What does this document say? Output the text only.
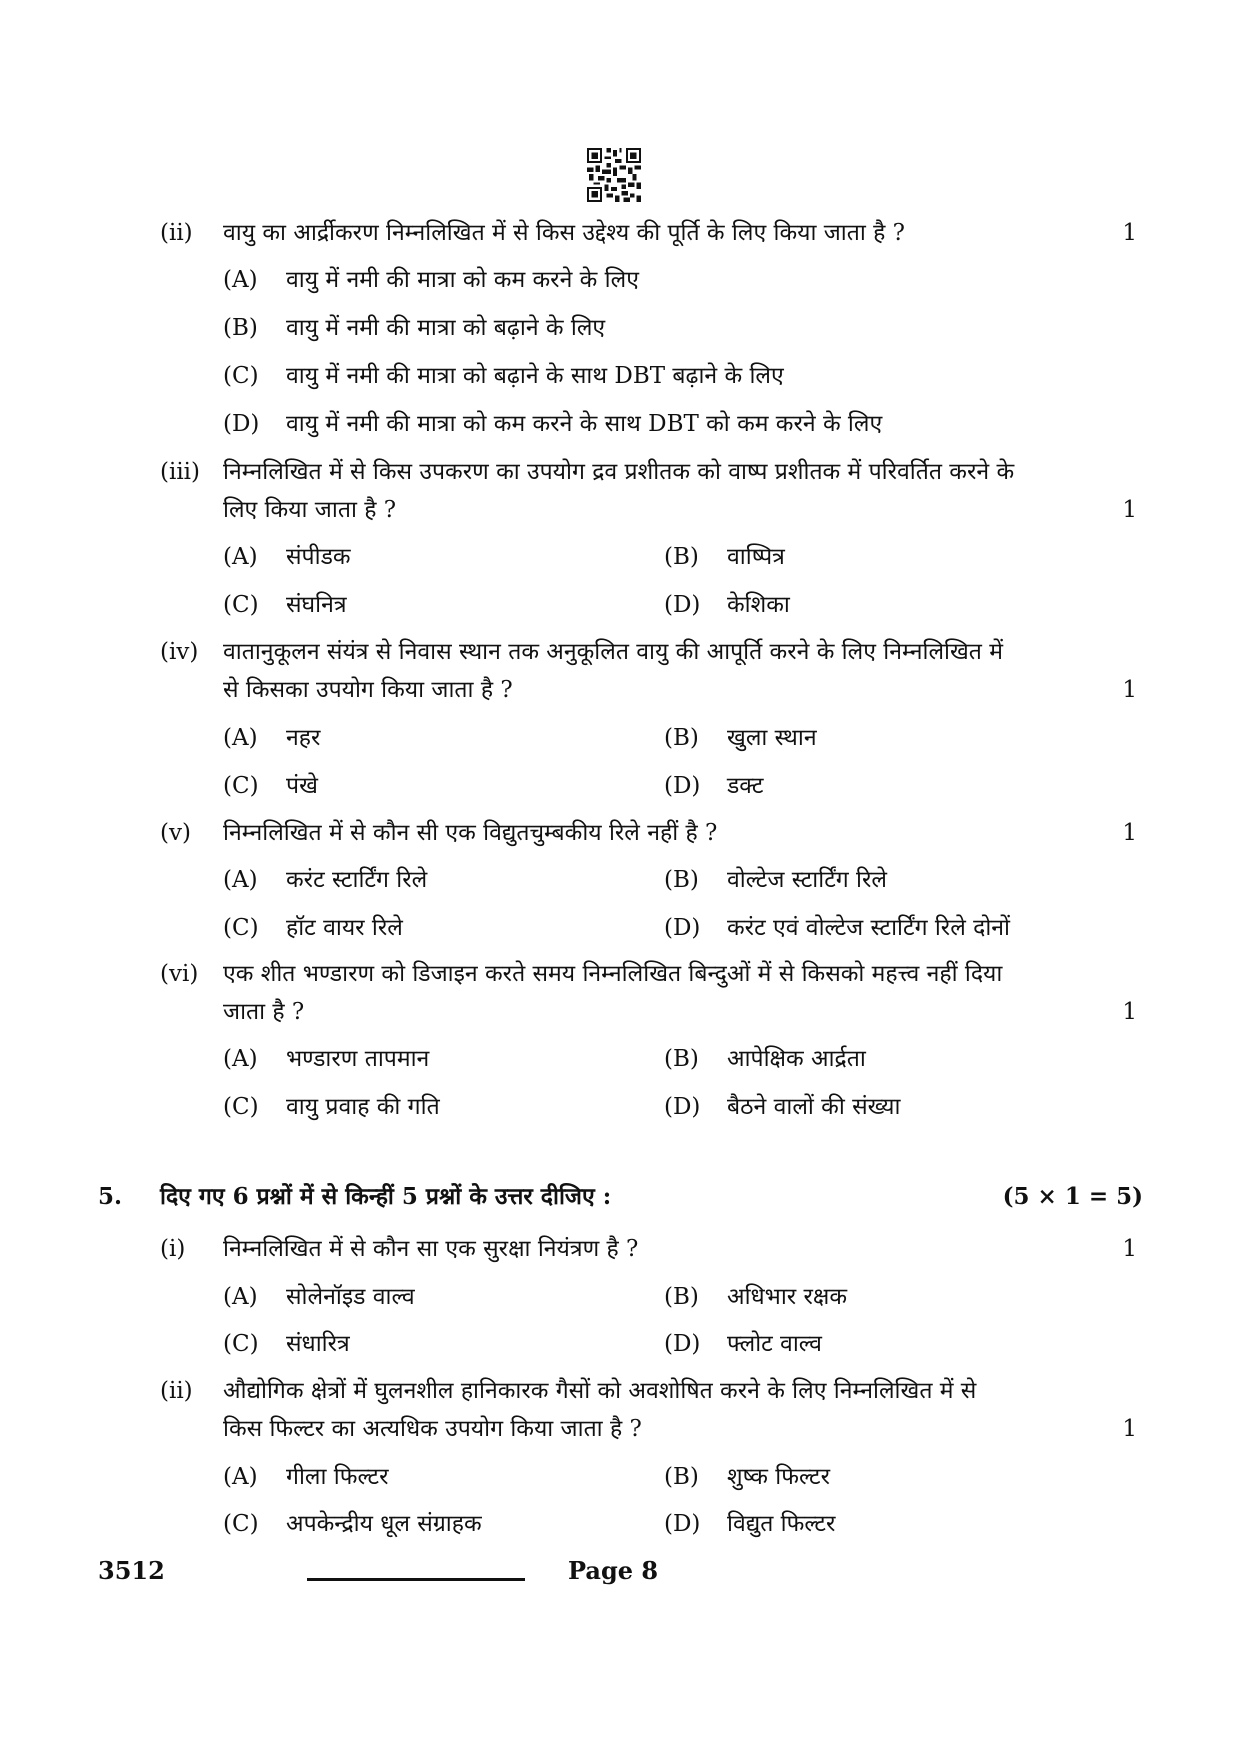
(ii)	वायु का आर्द्रीकरण निम्नलिखित में से किस उद्देश्य की पूर्ति के लिए किया जाता है ?	1
(A) वायु में नमी की मात्रा को कम करने के लिए
(B) वायु में नमी की मात्रा को बढ़ाने के लिए
(C) वायु में नमी की मात्रा को बढ़ाने के साथ DBT बढ़ाने के लिए
(D) वायु में नमी की मात्रा को कम करने के साथ DBT को कम करने के लिए
(iii) निम्नलिखित में से किस उपकरण का उपयोग द्रव प्रशीतक को वाष्प प्रशीतक में परिवर्तित करने के
लिए किया जाता है ?	1
(A) संपीडक	(B) वाष्पित्र
(C) संघनित्र	(D) केशिका
(iv)	वातानुकूलन संयंत्र से निवास स्थान तक अनुकूलित वायु की आपूर्ति करने के लिए निम्नलिखित में
से किसका उपयोग किया जाता है ?	1
(A) नहर	(B) खुला स्थान
(C) पंखे	(D) डक्ट
(v)	निम्नलिखित में से कौन सी एक विद्युतचुम्बकीय रिले नहीं है ?	1
(A) करंट स्टार्टिंग रिले	(B) वोल्टेज स्टार्टिंग रिले
(C) हॉट वायर रिले	(D) करंट एवं वोल्टेज स्टार्टिंग रिले दोनों
(vi)	एक शीत भण्डारण को डिजाइन करते समय निम्नलिखित बिन्दुओं में से किसको महत्त्व नहीं दिया
जाता है ?	1
(A) भण्डारण तापमान	(B) आपेक्षिक आर्द्रता
(C) वायु प्रवाह की गति	(D) बैठने वालों की संख्या
5. दिए गए 6 प्रश्नों में से किन्हीं 5 प्रश्नों के उत्तर दीजिए :	(5 × 1 = 5)
(i)	निम्नलिखित में से कौन सा एक सुरक्षा नियंत्रण है ?	1
(A) सोलेनॉइड वाल्व	(B) अधिभार रक्षक
(C) संधारित्र	(D) फ्लोट वाल्व
(ii)	औद्योगिक क्षेत्रों में घुलनशील हानिकारक गैसों को अवशोषित करने के लिए निम्नलिखित में से
किस फिल्टर का अत्यधिक उपयोग किया जाता है ?	1
(A) गीला फिल्टर	(B) शुष्क फिल्टर
(C) अपकेन्द्रीय धूल संग्राहक	(D) विद्युत फिल्टर
3512	Page 8
